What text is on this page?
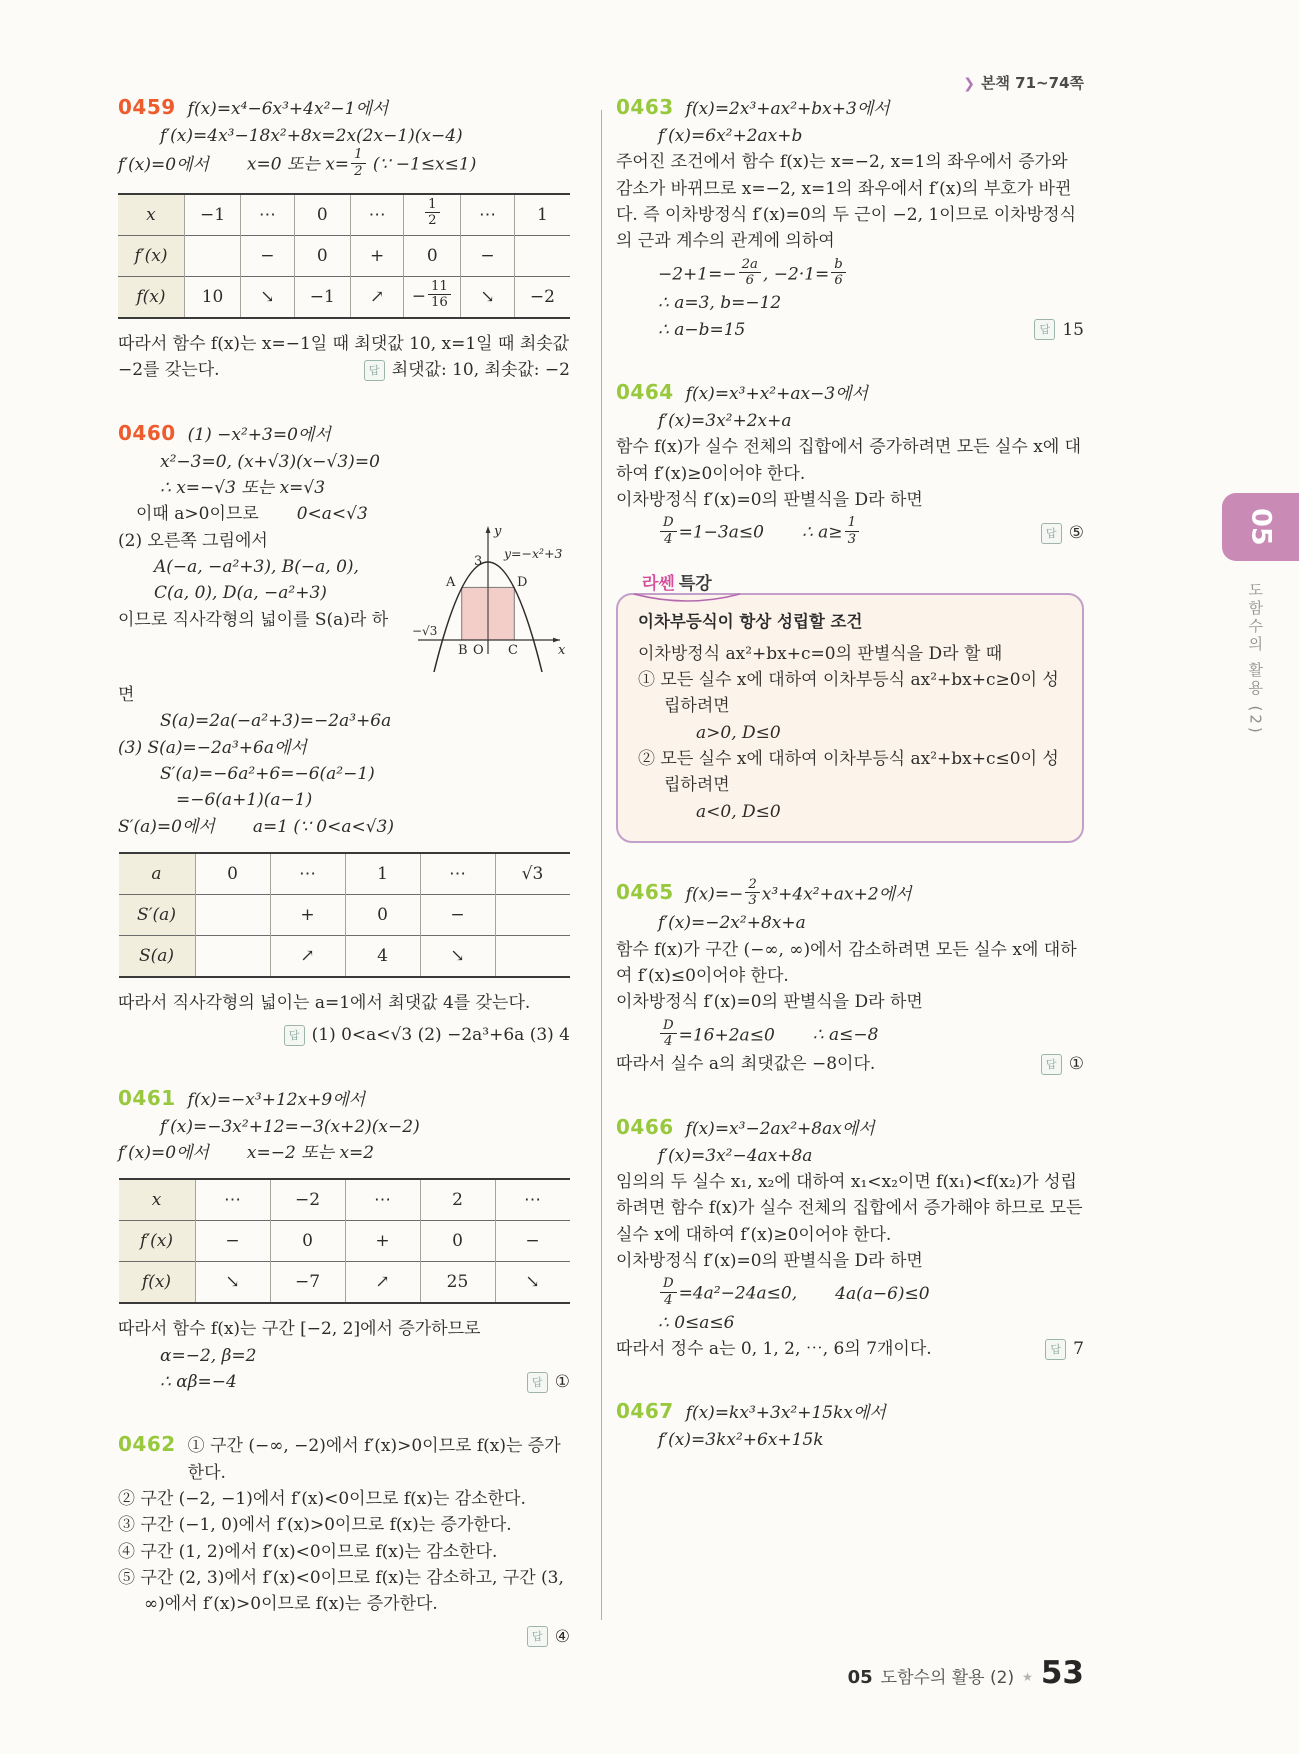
❯ 본책 71~74쪽
0459 f(x)=x⁴−6x³+4x²−1에서
f′(x)=4x³−18x²+8x=2x(2x−1)(x−4)
f′(x)=0에서 x=0 또는 $x= \frac{1}{2}$ (∵ −1≤x≤1)
x	−1	⋯	0	⋯	$\frac{1}{2}$	⋯	1
f′(x)		−	0	+	0	−	
f(x)	10	↘	−1	↗	− $\frac{11}{16}$	↘	−2
따라서 함수 f(x)는 x=−1일 때 최댓값 10, x=1일 때 최솟값
−2를 갖는다.	답 최댓값: 10, 최솟값: −2
0460 (1) −x²+3=0에서
x²−3=0, (x+√3)(x−√3)=0
∴ x=−√3 또는 x=√3
이때 a>0이므로 0<a<√3
(2) 오른쪽 그림에서
A(−a, −a²+3), B(−a, 0),
C(a, 0), D(a, −a²+3)
이므로 직사각형의 넓이를 S(a)라 하
y
3
y=−x²+3
A	D
−√3
B O C	x
면
S(a)=2a(−a²+3)=−2a³+6a
(3) S(a)=−2a³+6a에서
S′(a)=−6a²+6=−6(a²−1)
=−6(a+1)(a−1)
S′(a)=0에서 a=1 (∵ 0<a<√3)
a	0	⋯	1	⋯	√3
S′(a)		+	0	−	
S(a)		↗	4	↘	
따라서 직사각형의 넓이는 a=1에서 최댓값 4를 갖는다.
답 (1) 0<a<√3 (2) −2a³+6a (3) 4
0461 f(x)=−x³+12x+9에서
f′(x)=−3x²+12=−3(x+2)(x−2)
f′(x)=0에서 x=−2 또는 x=2
x	⋯	−2	⋯	2	⋯
f′(x)	−	0	+	0	−
f(x)	↘	−7	↗	25	↘
따라서 함수 f(x)는 구간 [−2, 2]에서 증가하므로
α=−2, β=2
∴ αβ=−4	답 ①
0462 ① 구간 (−∞, −2)에서 f′(x)>0이므로 f(x)는 증가한다.
② 구간 (−2, −1)에서 f′(x)<0이므로 f(x)는 감소한다.
③ 구간 (−1, 0)에서 f′(x)>0이므로 f(x)는 증가한다.
④ 구간 (1, 2)에서 f′(x)<0이므로 f(x)는 감소한다.
⑤ 구간 (2, 3)에서 f′(x)<0이므로 f(x)는 감소하고, 구간 (3, ∞)에서 f′(x)>0이므로 f(x)는 증가한다.
답 ④
0463 f(x)=2x³+ax²+bx+3에서
f′(x)=6x²+2ax+b
주어진 조건에서 함수 f(x)는 x=−2, x=1의 좌우에서 증가와 감소가 바뀌므로 x=−2, x=1의 좌우에서 f′(x)의 부호가 바뀐다. 즉 이차방정식 f′(x)=0의 두 근이 −2, 1이므로 이차방정식의 근과 계수의 관계에 의하여
$-2+1=- \frac{2a}{6}$ , $-2\cdot 1= \frac{b}{6}$
∴ a=3, b=−12
∴ a−b=15	답 15
0464 f(x)=x³+x²+ax−3에서
f′(x)=3x²+2x+a
함수 f(x)가 실수 전체의 집합에서 증가하려면 모든 실수 x에 대하여 f′(x)≥0이어야 한다.
이차방정식 f′(x)=0의 판별식을 D라 하면
$\frac{D}{4} =1-3a\le 0$ ∴ $a\ge \frac{1}{3}$	답 ⑤
라쎈 특강
이차부등식이 항상 성립할 조건
이차방정식 ax²+bx+c=0의 판별식을 D라 할 때
① 모든 실수 x에 대하여 이차부등식 ax²+bx+c≥0이 성립하려면
a>0, D≤0
② 모든 실수 x에 대하여 이차부등식 ax²+bx+c≤0이 성립하려면
a<0, D≤0
0465 $f(x)=- \frac{2}{3} x^3+4x^2+ax+2$에서
f′(x)=−2x²+8x+a
함수 f(x)가 구간 (−∞, ∞)에서 감소하려면 모든 실수 x에 대하여 f′(x)≤0이어야 한다.
이차방정식 f′(x)=0의 판별식을 D라 하면
$\frac{D}{4} =16+2a\le 0$ ∴ a≤−8
따라서 실수 a의 최댓값은 −8이다.	답 ①
0466 f(x)=x³−2ax²+8ax에서
f′(x)=3x²−4ax+8a
임의의 두 실수 x₁, x₂에 대하여 x₁<x₂이면 f(x₁)<f(x₂)가 성립하려면 함수 f(x)가 실수 전체의 집합에서 증가해야 하므로 모든 실수 x에 대하여 f′(x)≥0이어야 한다.
이차방정식 f′(x)=0의 판별식을 D라 하면
$\frac{D}{4} =4a^2-24a\le 0$, 4a(a−6)≤0
∴ 0≤a≤6
따라서 정수 a는 0, 1, 2, ⋯, 6의 7개이다.	답 7
0467 f(x)=kx³+3x²+15kx에서
f′(x)=3kx²+6x+15k
05
도함수의 활용 (2)
05 도함수의 활용 (2) ★ 53
